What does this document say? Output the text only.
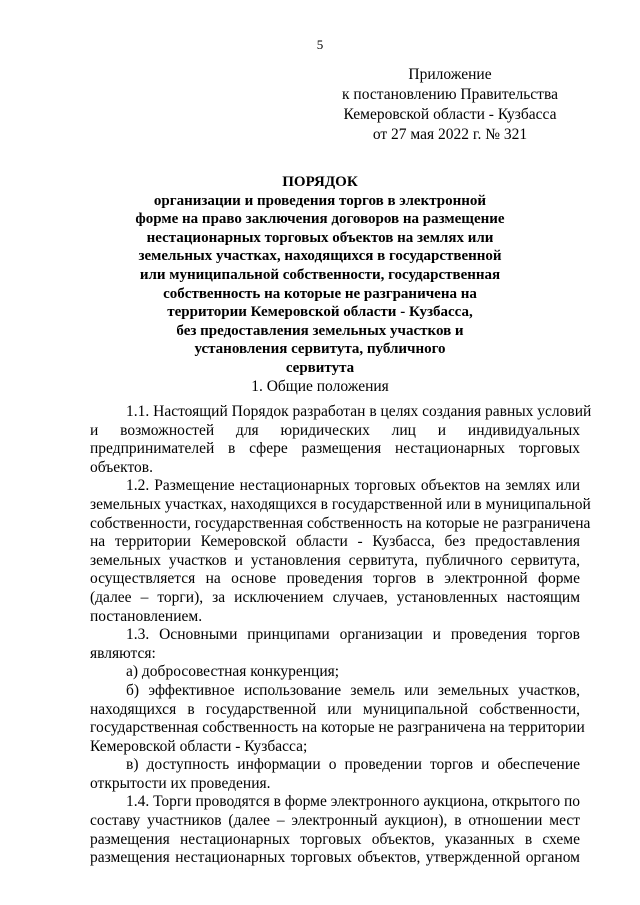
5
Приложение
к постановлению Правительства
Кемеровской области - Кузбасса
от 27 мая 2022 г. № 321
ПОРЯДОК
организации и проведения торгов в электронной
форме на право заключения договоров на размещение
нестационарных торговых объектов на землях или
земельных участках, находящихся в государственной
или муниципальной собственности, государственная
собственность на которые не разграничена на
территории Кемеровской области - Кузбасса,
без предоставления земельных участков и
установления сервитута, публичного
сервитута
1. Общие положения
1.1. Настоящий Порядок разработан в целях создания равных условий
и возможностей для юридических лиц и индивидуальных
предпринимателей в сфере размещения нестационарных торговых
объектов.
1.2. Размещение нестационарных торговых объектов на землях или
земельных участках, находящихся в государственной или в муниципальной
собственности, государственная собственность на которые не разграничена
на территории Кемеровской области - Кузбасса, без предоставления
земельных участков и установления сервитута, публичного сервитута,
осуществляется на основе проведения торгов в электронной форме
(далее – торги), за исключением случаев, установленных настоящим
постановлением.
1.3. Основными принципами организации и проведения торгов
являются:
а) добросовестная конкуренция;
б) эффективное использование земель или земельных участков,
находящихся в государственной или муниципальной собственности,
государственная собственность на которые не разграничена на территории
Кемеровской области - Кузбасса;
в) доступность информации о проведении торгов и обеспечение
открытости их проведения.
1.4. Торги проводятся в форме электронного аукциона, открытого по
составу участников (далее – электронный аукцион), в отношении мест
размещения нестационарных торговых объектов, указанных в схеме
размещения нестационарных торговых объектов, утвержденной органом
